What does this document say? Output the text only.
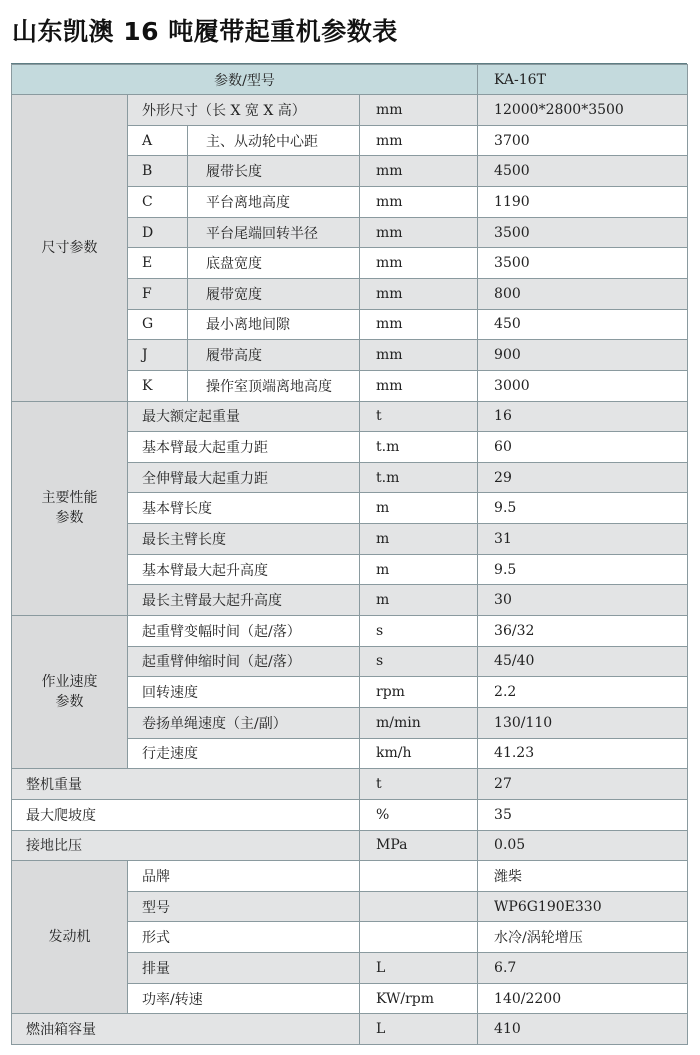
山东凯澳 16 吨履带起重机参数表
参数/型号				KA-16T
尺寸参数	外形尺寸（长 X 宽 X 高）		mm	12000*2800*3500
	A	主、从动轮中心距	mm	3700
	B	履带长度	mm	4500
	C	平台离地高度	mm	1190
	D	平台尾端回转半径	mm	3500
	E	底盘宽度	mm	3500
	F	履带宽度	mm	800
	G	最小离地间隙	mm	450
	J	履带高度	mm	900
	K	操作室顶端离地高度	mm	3000
主要性能
参数	最大额定起重量		t	16
	基本臂最大起重力距		t.m	60
	全伸臂最大起重力距		t.m	29
	基本臂长度		m	9.5
	最长主臂长度		m	31
	基本臂最大起升高度		m	9.5
	最长主臂最大起升高度		m	30
作业速度
参数	起重臂变幅时间（起/落）		s	36/32
	起重臂伸缩时间（起/落）		s	45/40
	回转速度		rpm	2.2
	卷扬单绳速度（主/副）		m/min	130/110
	行走速度		km/h	41.23
整机重量			t	27
最大爬坡度			%	35
接地比压			MPa	0.05
发动机	品牌			潍柴
	型号			WP6G190E330
	形式			水冷/涡轮增压
	排量		L	6.7
	功率/转速		KW/rpm	140/2200
燃油箱容量			L	410
